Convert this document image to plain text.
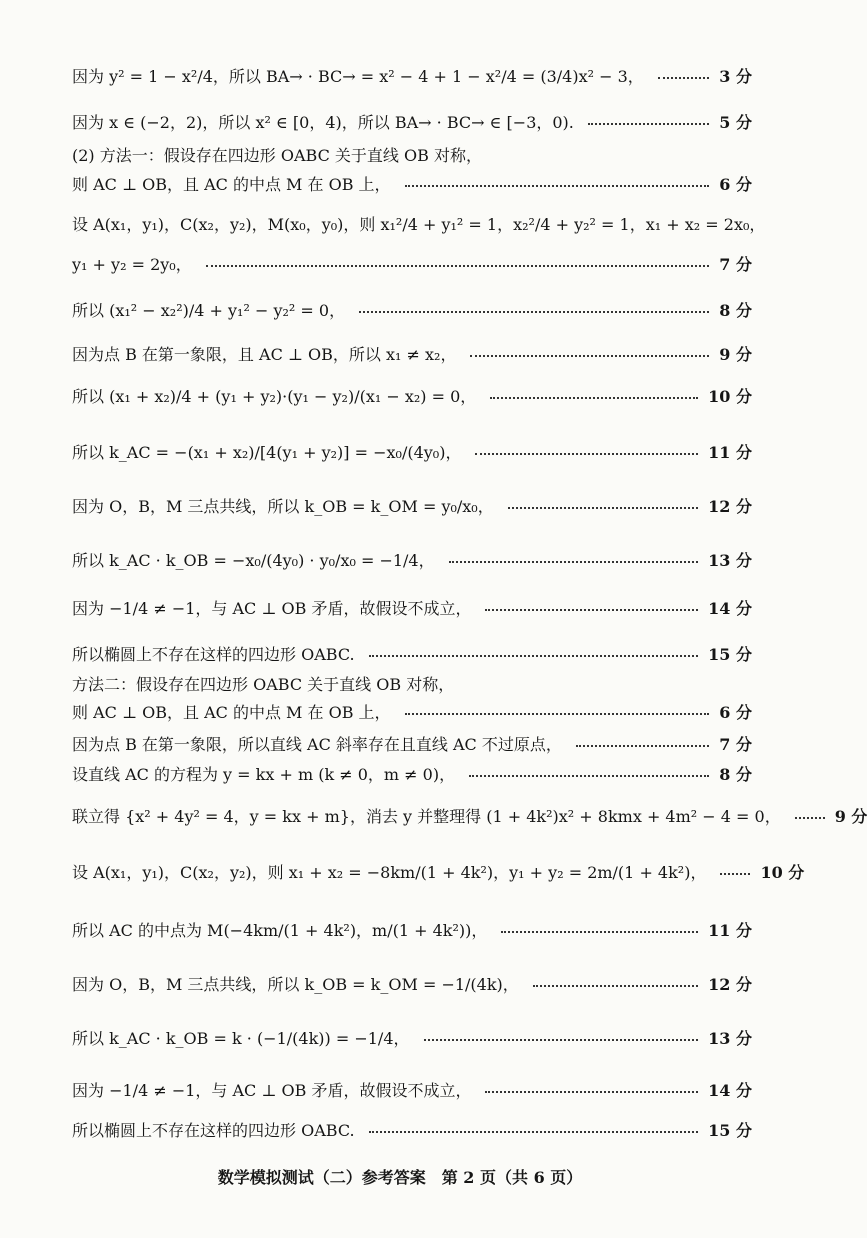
因为 y² = 1 − x²/4，所以 BA→ · BC→ = x² − 4 + 1 − x²/4 = (3/4)x² − 3，	3 分
因为 x ∈ (−2，2)，所以 x² ∈ [0，4)，所以 BA→ · BC→ ∈ [−3，0).	5 分
(2) 方法一：假设存在四边形 OABC 关于直线 OB 对称，
则 AC ⊥ OB，且 AC 的中点 M 在 OB 上，	6 分
设 A(x₁，y₁)，C(x₂，y₂)，M(x₀，y₀)，则 x₁²/4 + y₁² = 1，x₂²/4 + y₂² = 1，x₁ + x₂ = 2x₀，
y₁ + y₂ = 2y₀，	7 分
所以 (x₁² − x₂²)/4 + y₁² − y₂² = 0，	8 分
因为点 B 在第一象限，且 AC ⊥ OB，所以 x₁ ≠ x₂，	9 分
所以 (x₁ + x₂)/4 + (y₁ + y₂)·(y₁ − y₂)/(x₁ − x₂) = 0，	10 分
所以 k_AC = −(x₁ + x₂)/[4(y₁ + y₂)] = −x₀/(4y₀)，	11 分
因为 O，B，M 三点共线，所以 k_OB = k_OM = y₀/x₀，	12 分
所以 k_AC · k_OB = −x₀/(4y₀) · y₀/x₀ = −1/4，	13 分
因为 −1/4 ≠ −1，与 AC ⊥ OB 矛盾，故假设不成立，	14 分
所以椭圆上不存在这样的四边形 OABC.	15 分
方法二：假设存在四边形 OABC 关于直线 OB 对称，
则 AC ⊥ OB，且 AC 的中点 M 在 OB 上，	6 分
因为点 B 在第一象限，所以直线 AC 斜率存在且直线 AC 不过原点，	7 分
设直线 AC 的方程为 y = kx + m (k ≠ 0，m ≠ 0)，	8 分
联立得 {x² + 4y² = 4，y = kx + m}，消去 y 并整理得 (1 + 4k²)x² + 8kmx + 4m² − 4 = 0，	9 分
设 A(x₁，y₁)，C(x₂，y₂)，则 x₁ + x₂ = −8km/(1 + 4k²)，y₁ + y₂ = 2m/(1 + 4k²)，	10 分
所以 AC 的中点为 M(−4km/(1 + 4k²)，m/(1 + 4k²))，	11 分
因为 O，B，M 三点共线，所以 k_OB = k_OM = −1/(4k)，	12 分
所以 k_AC · k_OB = k · (−1/(4k)) = −1/4，	13 分
因为 −1/4 ≠ −1，与 AC ⊥ OB 矛盾，故假设不成立，	14 分
所以椭圆上不存在这样的四边形 OABC.	15 分
数学模拟测试（二）参考答案　第 2 页（共 6 页）
